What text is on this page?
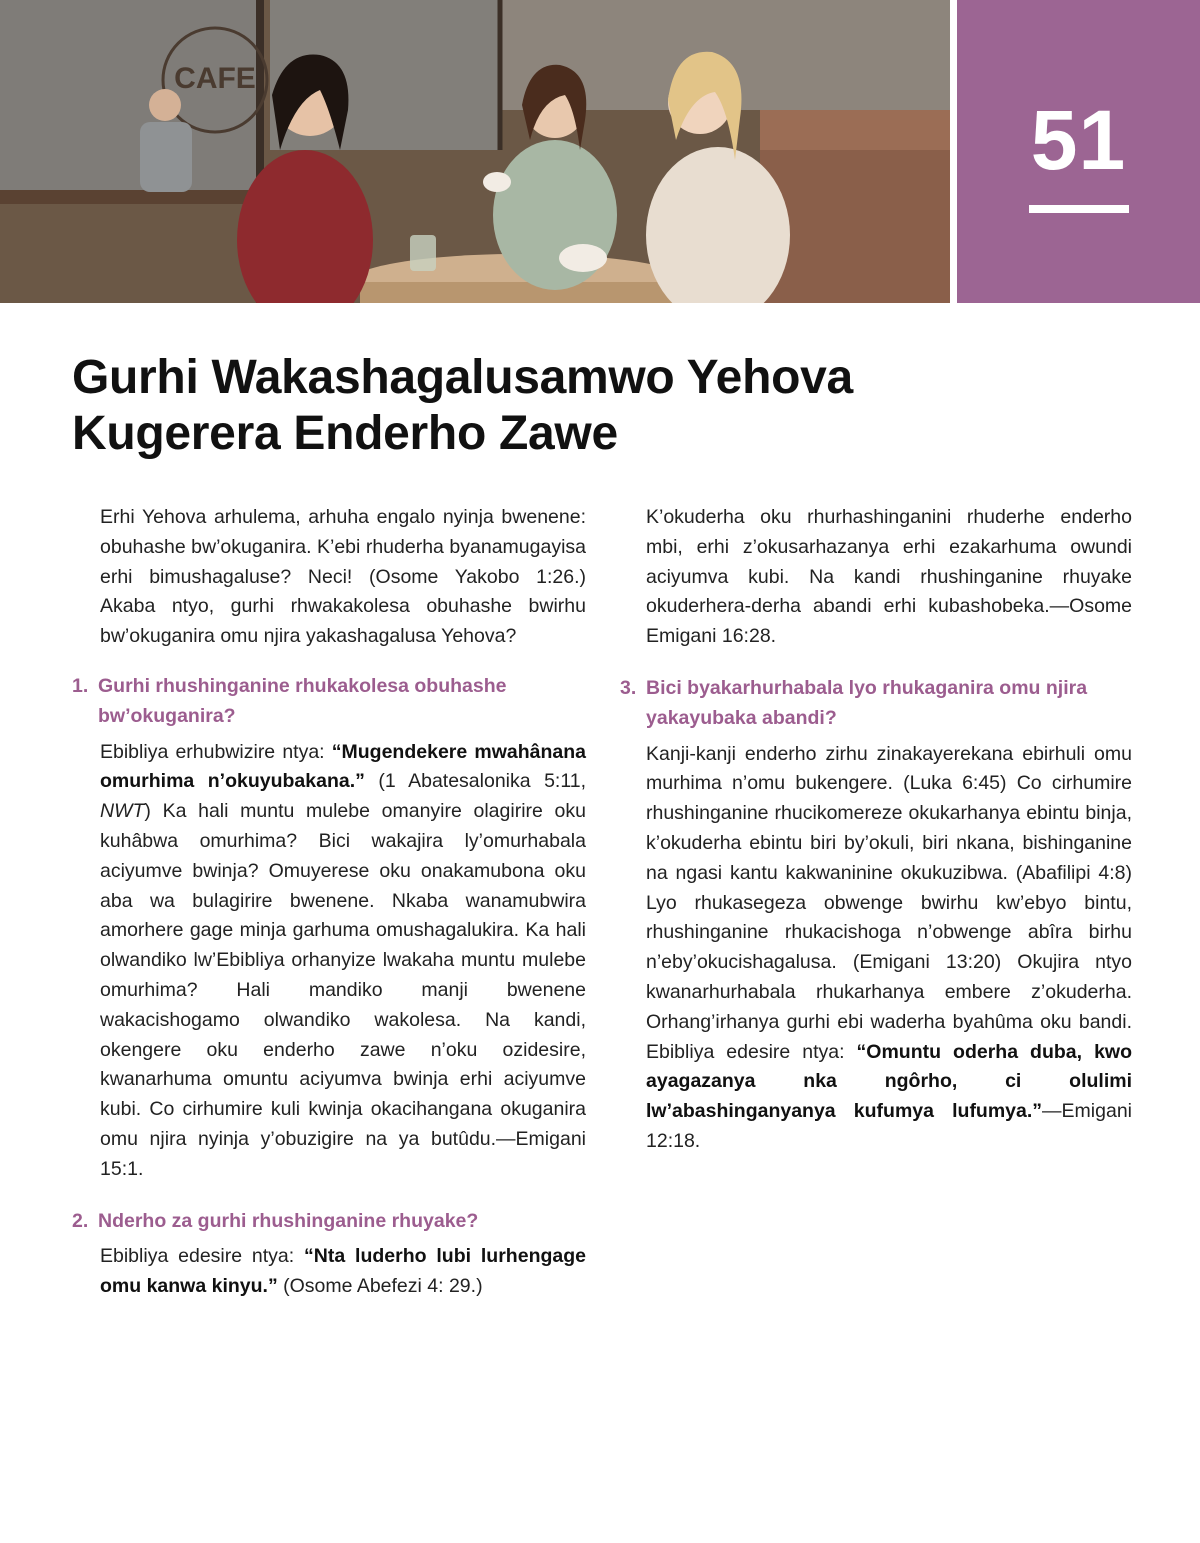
CAFE
51
Gurhi Wakashagalusamwo Yehova
Kugerera Enderho Zawe

Erhi Yehova arhulema, arhuha engalo nyinja bwenene: obuhashe bw’okuganira. K’ebi rhuderha byanamugayisa erhi bimushagaluse? Neci! (Osome Yakobo 1:26.) Akaba ntyo, gurhi rhwakakolesa obuhashe bwirhu bw’okuganira omu njira yakashagalusa Yehova?

1. Gurhi rhushinganine rhukakolesa obuhashe bw’okuganira?

Ebibliya erhubwizire ntya: “Mugendekere mwahânana omurhima n’okuyubakana.” (1 Abatesalonika 5:11, NWT) Ka hali muntu mulebe omanyire olagirire oku kuhâbwa omurhima? Bici wakajira ly’omurhabala aciyumve bwinja? Omuyerese oku onakamubona oku aba wa bulagirire bwenene. Nkaba wanamubwira amorhere gage minja garhuma omushagalukira. Ka hali olwandiko lw’Ebibliya orhanyize lwakaha muntu mulebe omurhima? Hali mandiko manji bwenene wakacishogamo olwandiko wakolesa. Na kandi, okengere oku enderho zawe n’oku ozidesire, kwanarhuma omuntu aciyumva bwinja erhi aciyumve kubi. Co cirhumire kuli kwinja okacihangana okuganira omu njira nyinja y’obuzigire na ya butûdu.—Emigani 15:1.

2. Nderho za gurhi rhushinganine rhuyake?

Ebibliya edesire ntya: “Nta luderho lubi lurhengage omu kanwa kinyu.” (Osome Abefezi 4: 29.)

K’okuderha oku rhurhashinganini rhuderhe enderho mbi, erhi z’okusarhazanya erhi ezakarhuma owundi aciyumva kubi. Na kandi rhushinganine rhuyake okuderhera-derha abandi erhi kubashobeka.—Osome Emigani 16:28.

3. Bici byakarhurhabala lyo rhukaganira omu njira yakayubaka abandi?

Kanji-kanji enderho zirhu zinakayerekana ebirhuli omu murhima n’omu bukengere. (Luka 6:45) Co cirhumire rhushinganine rhucikomereze okukarhanya ebintu binja, k’okuderha ebintu biri by’okuli, biri nkana, bishinganine na ngasi kantu kakwaninine okukuzibwa. (Abafilipi 4:8) Lyo rhukasegeza obwenge bwirhu kw’ebyo bintu, rhushinganine rhukacishoga n’obwenge abîra birhu n’eby’okucishagalusa. (Emigani 13:20) Okujira ntyo kwanarhurhabala rhukarhanya embere z’okuderha. Orhang’irhanya gurhi ebi waderha byahûma oku bandi. Ebibliya edesire ntya: “Omuntu oderha duba, kwo ayagazanya nka ngôrho, ci olulimi lw’abashinganyanya kufumya lufumya.”—Emigani 12:18.
